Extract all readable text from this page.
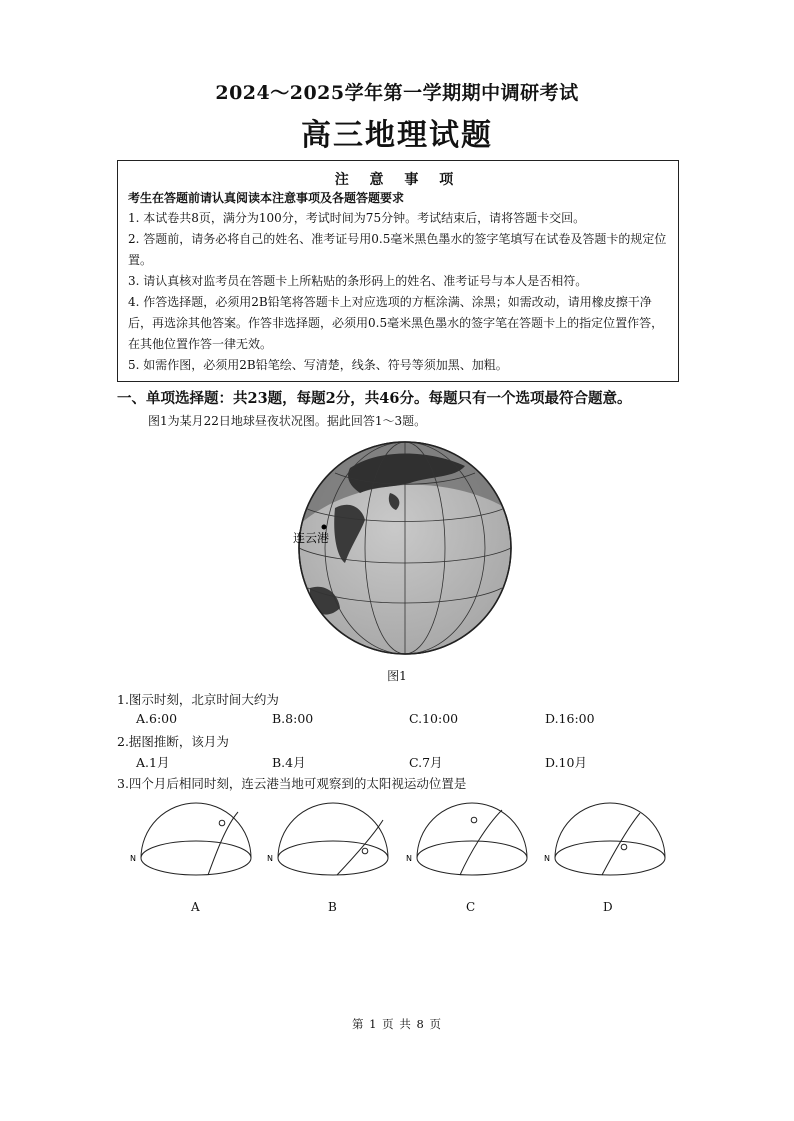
2024～2025学年第一学期期中调研考试
高三地理试题
注 意 事 项
考生在答题前请认真阅读本注意事项及各题答题要求
1. 本试卷共8页，满分为100分，考试时间为75分钟。考试结束后，请将答题卡交回。
2. 答题前，请务必将自己的姓名、准考证号用0.5毫米黑色墨水的签字笔填写在试卷及答题卡的规定位置。
3. 请认真核对监考员在答题卡上所粘贴的条形码上的姓名、准考证号与本人是否相符。
4. 作答选择题，必须用2B铅笔将答题卡上对应选项的方框涂满、涂黑；如需改动，请用橡皮擦干净后，再选涂其他答案。作答非选择题，必须用0.5毫米黑色墨水的签字笔在答题卡上的指定位置作答，在其他位置作答一律无效。
5. 如需作图，必须用2B铅笔绘、写清楚，线条、符号等须加黑、加粗。
一、单项选择题：共23题，每题2分，共46分。每题只有一个选项最符合题意。
图1为某月22日地球昼夜状况图。据此回答1～3题。
连云港
图1
1.图示时刻，北京时间大约为
A.6:00	B.8:00	C.10:00	D.16:00
2.据图推断，该月为
A.1月	B.4月	C.7月	D.10月
3.四个月后相同时刻，连云港当地可观察到的太阳视运动位置是
N
A
N
B
N
C
N
D
第 1 页 共 8 页
